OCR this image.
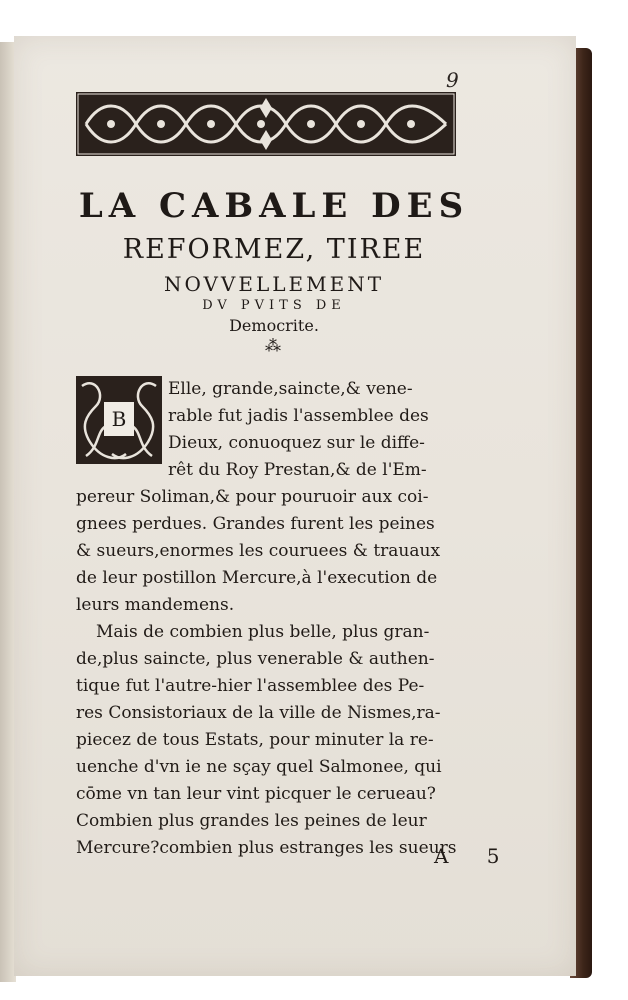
9
LA CABALE DES
REFORMEZ, TIREE
NOVVELLEMENT
DV PVITS DE
Democrite.
⁂
B
Elle, grande,saincte,& vene-
rable fut jadis l'assemblee des
Dieux, conuoquez sur le diffe-
rêt du Roy Prestan,& de l'Em-
pereur Soliman,& pour pouruoir aux coi-
gnees perdues. Grandes furent les peines
& sueurs,enormes les couruees & trauaux
de leur postillon Mercure,à l'execution de
leurs mandemens.
Mais de combien plus belle, plus gran-
de,plus saincte, plus venerable & authen-
tique fut l'autre-hier l'assemblee des Pe-
res Consistoriaux de la ville de Nismes,ra-
piecez de tous Estats, pour minuter la re-
uenche d'vn ie ne sçay quel Salmonee, qui
cōme vn tan leur vint picquer le cerueau?
Combien plus grandes les peines de leur
Mercure?combien plus estranges les sueurs
A 5
